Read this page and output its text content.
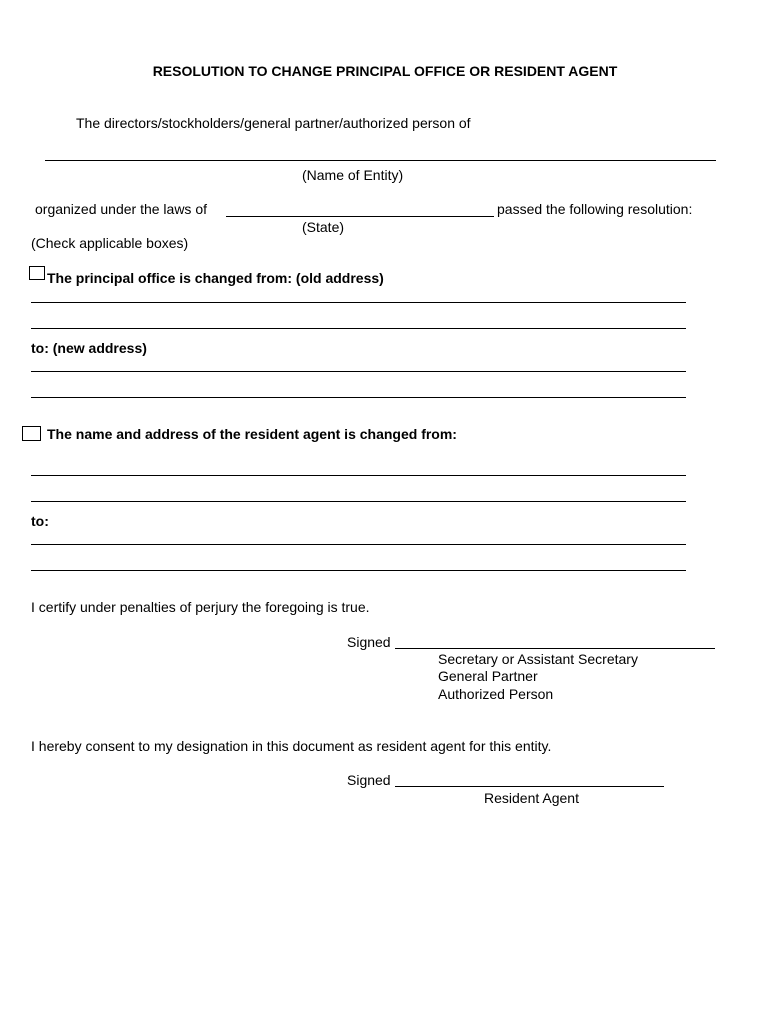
RESOLUTION TO CHANGE PRINCIPAL OFFICE OR RESIDENT AGENT
The directors/stockholders/general partner/authorized person of
(Name of Entity)
organized under the laws of	passed the following resolution:
(State)
(Check applicable boxes)
The principal office is changed from: (old address)
to: (new address)
The name and address of the resident agent is changed from:
to:
I certify under penalties of perjury the foregoing is true.
Signed
Secretary or Assistant Secretary
General Partner
Authorized Person
I hereby consent to my designation in this document as resident agent for this entity.
Signed
Resident Agent
